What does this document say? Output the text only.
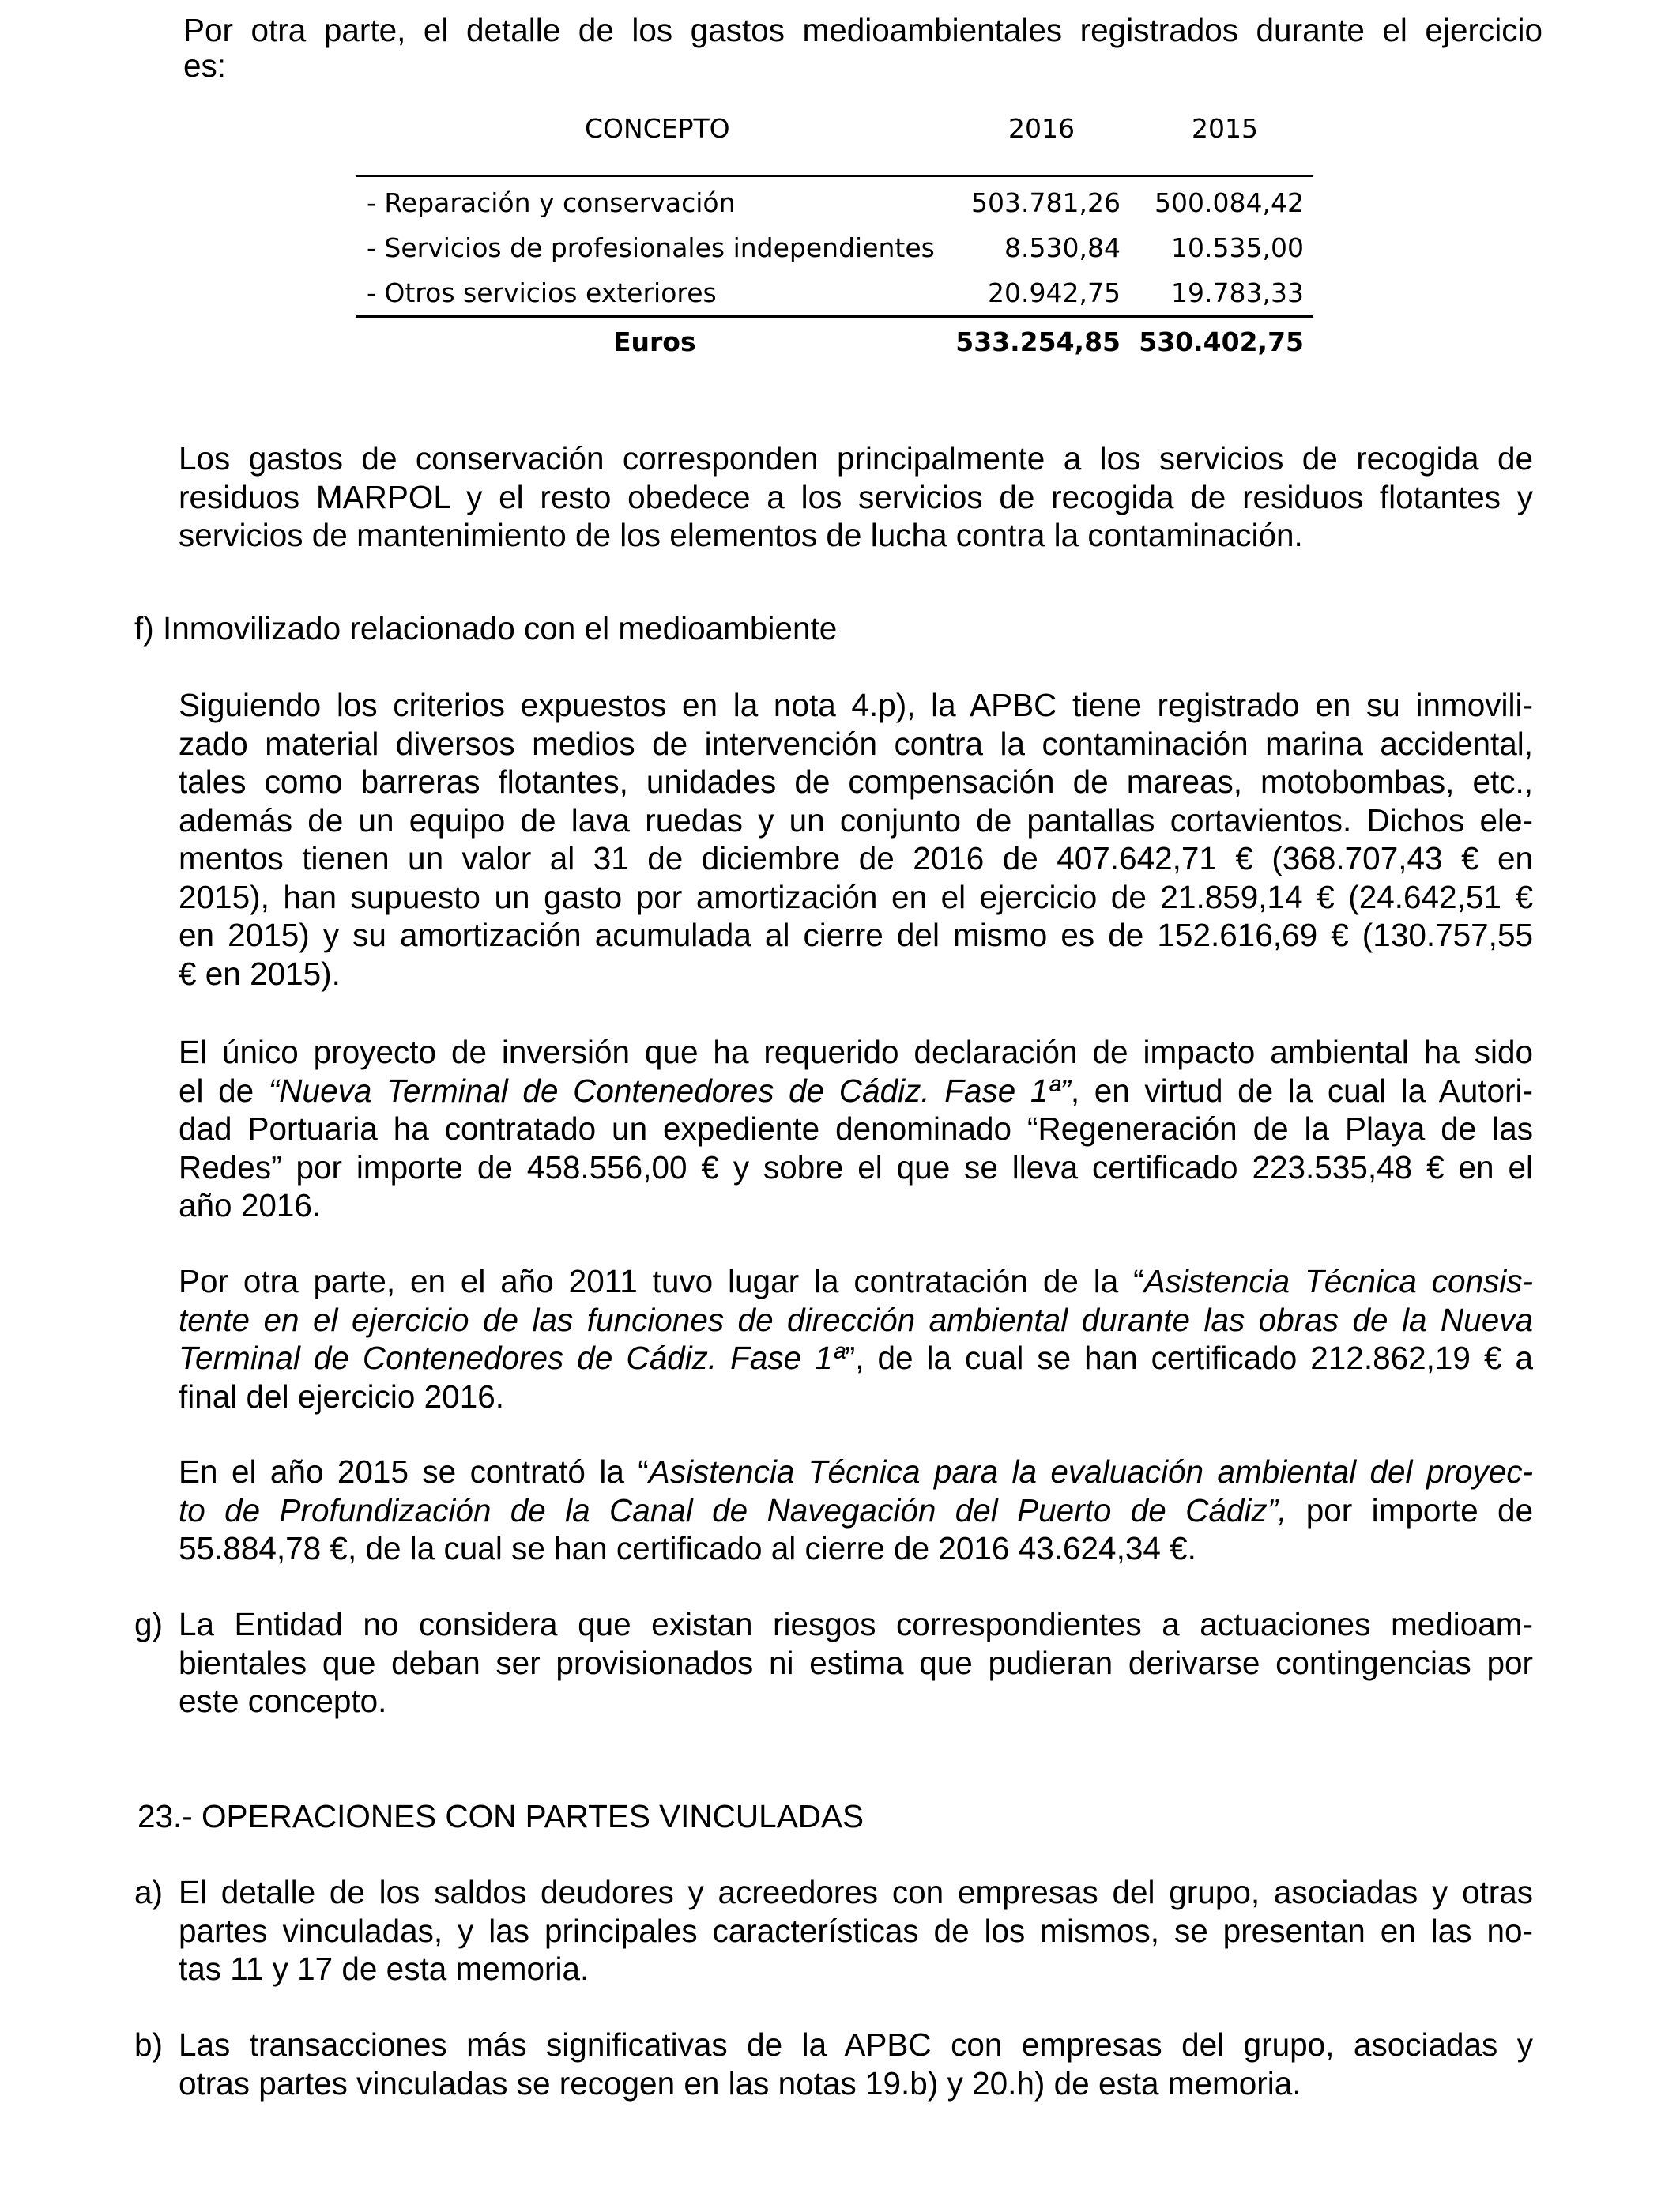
Por otra parte, el detalle de los gastos medioambientales registrados durante el ejercicio
es:
CONCEPTO	2016	2015
- Reparación y conservación	503.781,26 500.084,42
- Servicios de profesionales independientes	8.530,84 10.535,00
- Otros servicios exteriores	20.942,75 19.783,33
Euros	533.254,85 530.402,75
Los gastos de conservación corresponden principalmente a los servicios de recogida de
residuos MARPOL y el resto obedece a los servicios de recogida de residuos flotantes y
servicios de mantenimiento de los elementos de lucha contra la contaminación.
f) Inmovilizado relacionado con el medioambiente
Siguiendo los criterios expuestos en la nota 4.p), la APBC tiene registrado en su inmovili-
zado material diversos medios de intervención contra la contaminación marina accidental,
tales como barreras flotantes, unidades de compensación de mareas, motobombas, etc.,
además de un equipo de lava ruedas y un conjunto de pantallas cortavientos. Dichos ele-
mentos tienen un valor al 31 de diciembre de 2016 de 407.642,71 € (368.707,43 € en
2015), han supuesto un gasto por amortización en el ejercicio de 21.859,14 € (24.642,51 €
en 2015) y su amortización acumulada al cierre del mismo es de 152.616,69 € (130.757,55
€ en 2015).
El único proyecto de inversión que ha requerido declaración de impacto ambiental ha sido
el de “Nueva Terminal de Contenedores de Cádiz. Fase 1ª”, en virtud de la cual la Autori-
dad Portuaria ha contratado un expediente denominado “Regeneración de la Playa de las
Redes” por importe de 458.556,00 € y sobre el que se lleva certificado 223.535,48 € en el
año 2016.
Por otra parte, en el año 2011 tuvo lugar la contratación de la “Asistencia Técnica consis-
tente en el ejercicio de las funciones de dirección ambiental durante las obras de la Nueva
Terminal de Contenedores de Cádiz. Fase 1ª”, de la cual se han certificado 212.862,19 € a
final del ejercicio 2016.
En el año 2015 se contrató la “Asistencia Técnica para la evaluación ambiental del proyec-
to de Profundización de la Canal de Navegación del Puerto de Cádiz”, por importe de
55.884,78 €, de la cual se han certificado al cierre de 2016 43.624,34 €.
g) La Entidad no considera que existan riesgos correspondientes a actuaciones medioam-
bientales que deban ser provisionados ni estima que pudieran derivarse contingencias por
este concepto.
23.- OPERACIONES CON PARTES VINCULADAS
a) El detalle de los saldos deudores y acreedores con empresas del grupo, asociadas y otras
partes vinculadas, y las principales características de los mismos, se presentan en las no-
tas 11 y 17 de esta memoria.
b) Las transacciones más significativas de la APBC con empresas del grupo, asociadas y
otras partes vinculadas se recogen en las notas 19.b) y 20.h) de esta memoria.
